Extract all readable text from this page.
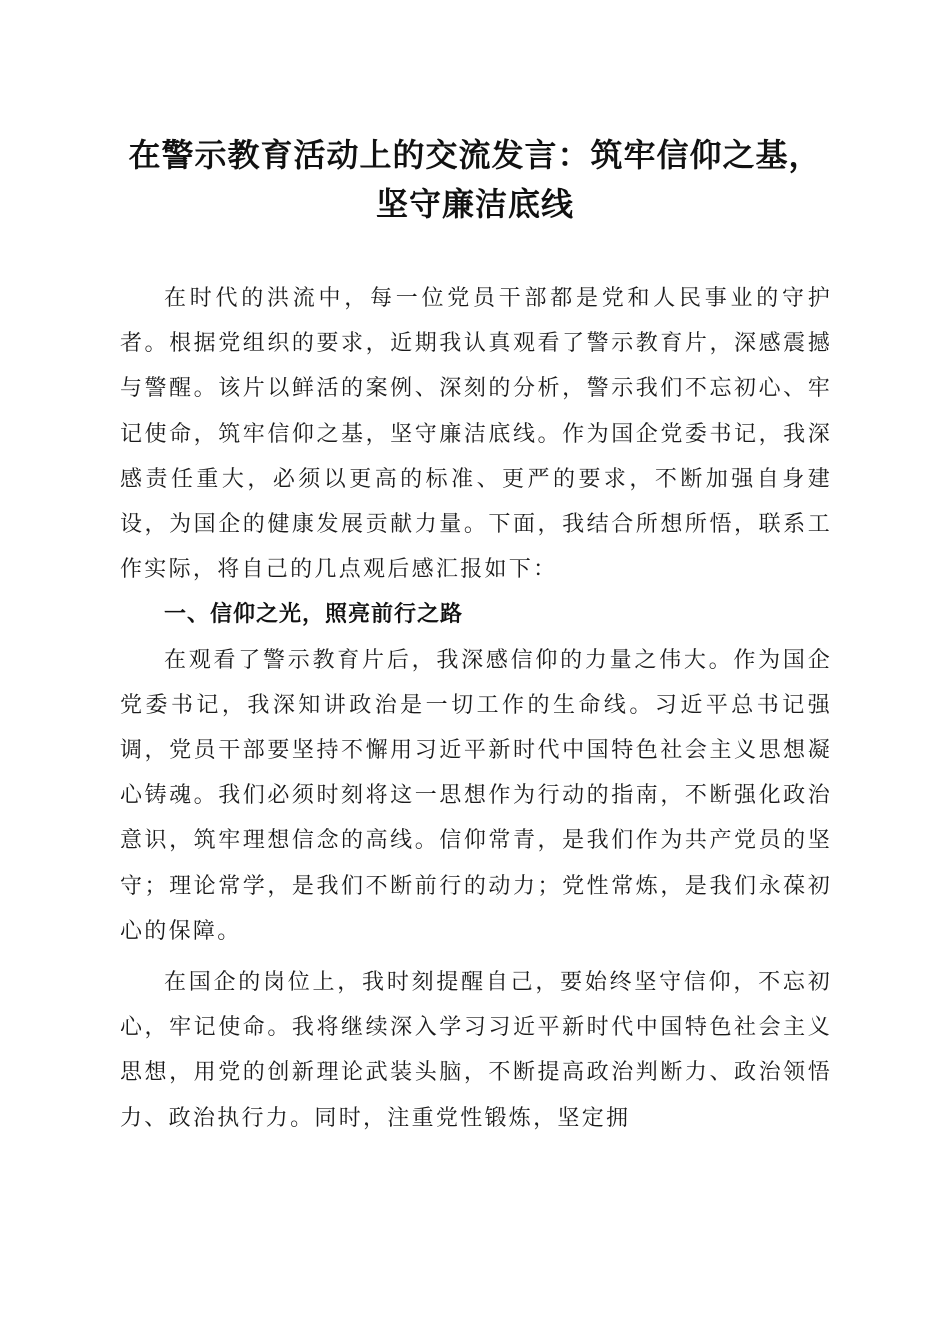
在警示教育活动上的交流发言：筑牢信仰之基，
坚守廉洁底线

在时代的洪流中，每一位党员干部都是党和人民事业的守护者。根据党组织的要求，近期我认真观看了警示教育片，深感震撼与警醒。该片以鲜活的案例、深刻的分析，警示我们不忘初心、牢记使命，筑牢信仰之基，坚守廉洁底线。作为国企党委书记，我深感责任重大，必须以更高的标准、更严的要求，不断加强自身建设，为国企的健康发展贡献力量。下面，我结合所想所悟，联系工作实际，将自己的几点观后感汇报如下：

一、信仰之光，照亮前行之路

在观看了警示教育片后，我深感信仰的力量之伟大。作为国企党委书记，我深知讲政治是一切工作的生命线。习近平总书记强调，党员干部要坚持不懈用习近平新时代中国特色社会主义思想凝心铸魂。我们必须时刻将这一思想作为行动的指南，不断强化政治意识，筑牢理想信念的高线。信仰常青，是我们作为共产党员的坚守；理论常学，是我们不断前行的动力；党性常炼，是我们永葆初心的保障。

在国企的岗位上，我时刻提醒自己，要始终坚守信仰，不忘初心，牢记使命。我将继续深入学习习近平新时代中国特色社会主义思想，用党的创新理论武装头脑，不断提高政治判断力、政治领悟力、政治执行力。同时，注重党性锻炼，坚定拥
